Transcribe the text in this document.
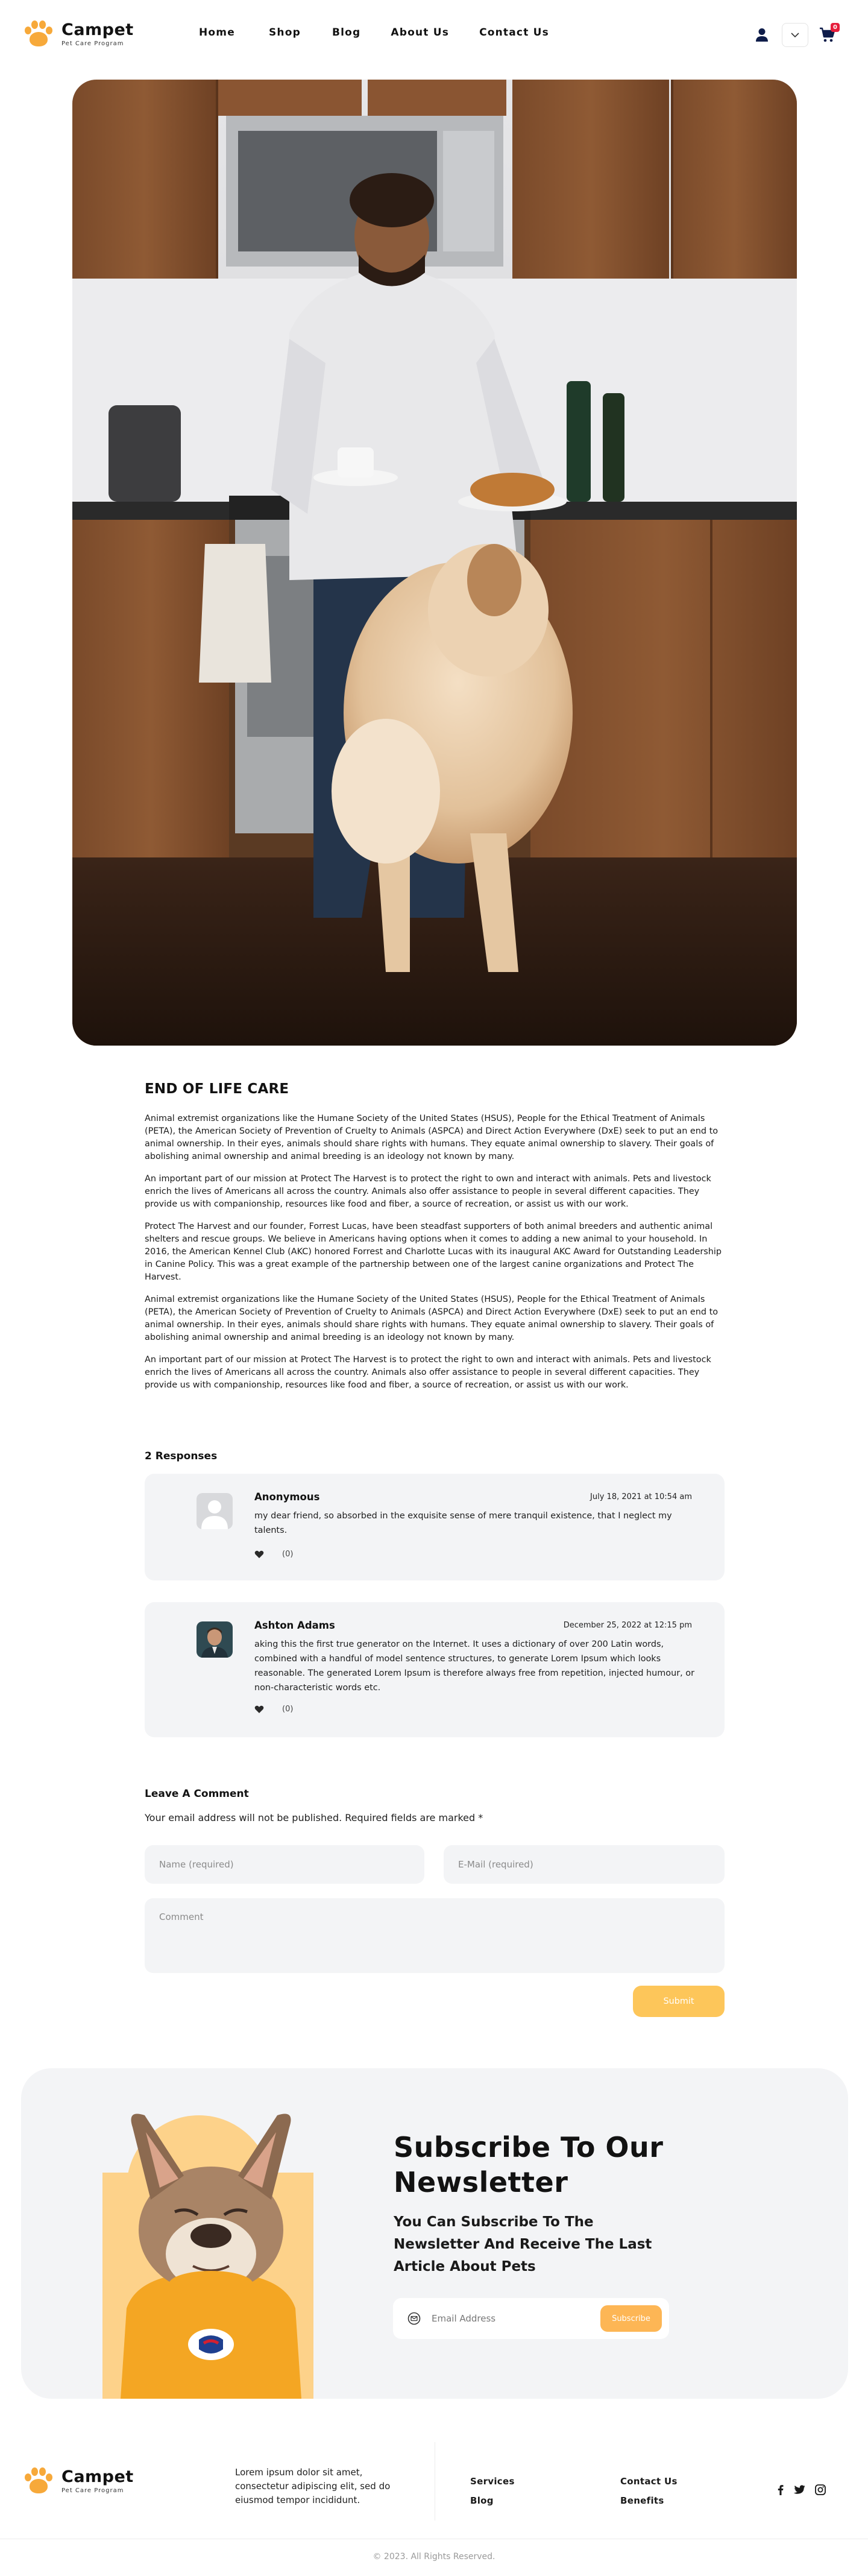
Campet
Pet Care Program
Home	Shop	Blog	About Us	Contact Us	0
END OF LIFE CARE

Animal extremist organizations like the Humane Society of the United States (HSUS), People for the Ethical Treatment of Animals (PETA), the American Society of Prevention of Cruelty to Animals (ASPCA) and Direct Action Everywhere (DxE) seek to put an end to animal ownership. In their eyes, animals should share rights with humans. They equate animal ownership to slavery. Their goals of abolishing animal ownership and animal breeding is an ideology not known by many.

An important part of our mission at Protect The Harvest is to protect the right to own and interact with animals. Pets and livestock enrich the lives of Americans all across the country. Animals also offer assistance to people in several different capacities. They provide us with companionship, resources like food and fiber, a source of recreation, or assist us with our work.

Protect The Harvest and our founder, Forrest Lucas, have been steadfast supporters of both animal breeders and authentic animal shelters and rescue groups. We believe in Americans having options when it comes to adding a new animal to your household. In 2016, the American Kennel Club (AKC) honored Forrest and Charlotte Lucas with its inaugural AKC Award for Outstanding Leadership in Canine Policy. This was a great example of the partnership between one of the largest canine organizations and Protect The Harvest.

Animal extremist organizations like the Humane Society of the United States (HSUS), People for the Ethical Treatment of Animals (PETA), the American Society of Prevention of Cruelty to Animals (ASPCA) and Direct Action Everywhere (DxE) seek to put an end to animal ownership. In their eyes, animals should share rights with humans. They equate animal ownership to slavery. Their goals of abolishing animal ownership and animal breeding is an ideology not known by many.

An important part of our mission at Protect The Harvest is to protect the right to own and interact with animals. Pets and livestock enrich the lives of Americans all across the country. Animals also offer assistance to people in several different capacities. They provide us with companionship, resources like food and fiber, a source of recreation, or assist us with our work.

2 Responses
Anonymous	July 18, 2021 at 10:54 am
my dear friend, so absorbed in the exquisite sense of mere tranquil existence, that I neglect my talents.
(0)
Ashton Adams	December 25, 2022 at 12:15 pm
aking this the first true generator on the Internet. It uses a dictionary of over 200 Latin words, combined with a handful of model sentence structures, to generate Lorem Ipsum which looks reasonable. The generated Lorem Ipsum is therefore always free from repetition, injected humour, or non-characteristic words etc.
(0)
Leave A Comment
Your email address will not be published. Required fields are marked *
Name (required)
E-Mail (required)
Comment
Submit
Subscribe To Our
Newsletter
You Can Subscribe To The Newsletter And Receive The Last Article About Pets
Email Address
Subscribe
Campet
Pet Care Program
Lorem ipsum dolor sit amet, consectetur adipiscing elit, sed do eiusmod tempor incididunt.
Services
Blog
Contact Us
Benefits
© 2023. All Rights Reserved.
